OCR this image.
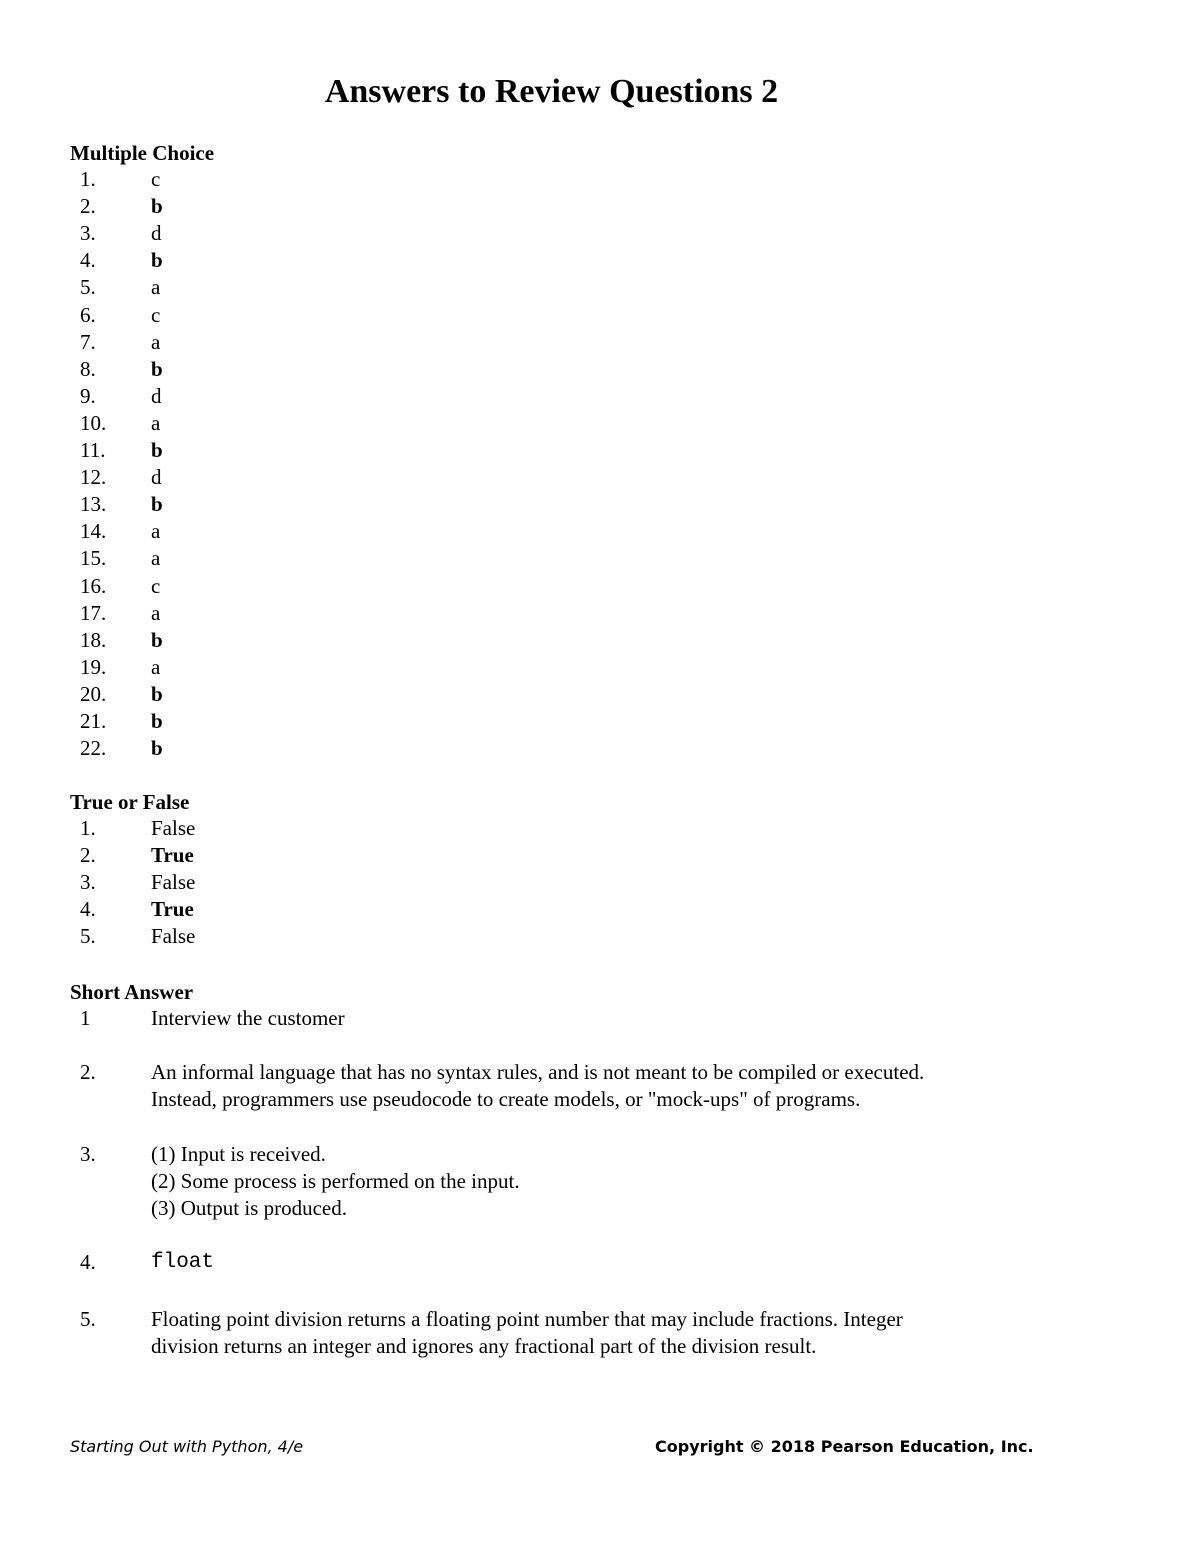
Answers to Review Questions 2
Multiple Choice
1.	c
2.	b
3.	d
4.	b
5.	a
6.	c
7.	a
8.	b
9.	d
10. a
11. b
12. d
13. b
14. a
15. a
16. c
17. a
18. b
19. a
20. b
21. b
22. b
True or False
1.	False
2.	True
3.	False
4.	True
5.	False
Short Answer
1	Interview the customer
2.	An informal language that has no syntax rules, and is not meant to be compiled or executed.
Instead, programmers use pseudocode to create models, or "mock-ups" of programs.
3.	(1) Input is received.
(2) Some process is performed on the input.
(3) Output is produced.
4.	float
5.	Floating point division returns a floating point number that may include fractions. Integer
division returns an integer and ignores any fractional part of the division result.
Starting Out with Python, 4/e	Copyright © 2018 Pearson Education, Inc.
